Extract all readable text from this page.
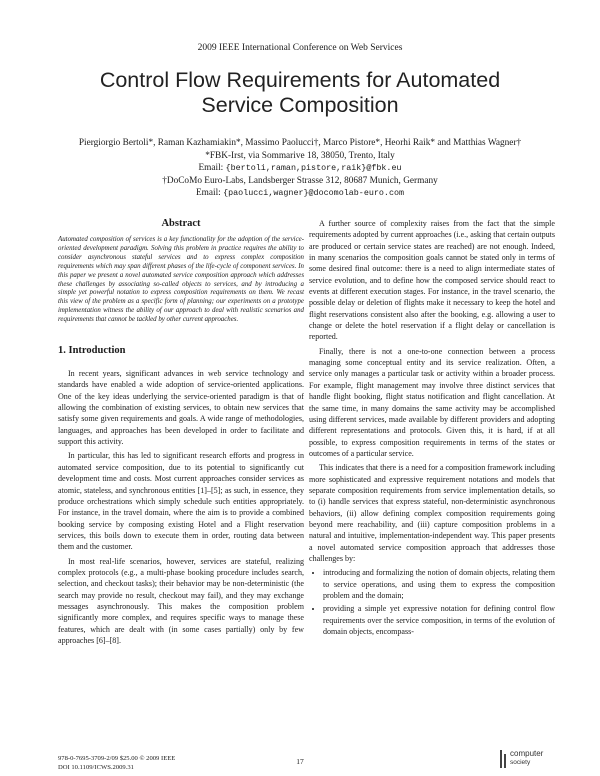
2009 IEEE International Conference on Web Services
Control Flow Requirements for Automated
Service Composition
Piergiorgio Bertoli*, Raman Kazhamiakin*, Massimo Paolucci†, Marco Pistore*, Heorhi Raik* and Matthias Wagner†
*FBK-Irst, via Sommarive 18, 38050, Trento, Italy
Email: {bertoli,raman,pistore,raik}@fbk.eu
†DoCoMo Euro-Labs, Landsberger Strasse 312, 80687 Munich, Germany
Email: {paolucci,wagner}@docomolab-euro.com
Abstract

Automated composition of services is a key functionality for the adoption of the service-oriented development paradigm. Solving this problem in practice requires the ability to consider asynchronous stateful services and to express complex composition requirements which may span different phases of the life-cycle of component services. In this paper we present a novel automated service composition approach which addresses these challenges by associating so-called objects to services, and by introducing a simple yet powerful notation to express composition requirements on them. We recast this view of the problem as a specific form of planning; our experiments on a prototype implementation witness the ability of our approach to deal with realistic scenarios and requirements that cannot be tackled by other current approaches.

1. Introduction

In recent years, significant advances in web service technology and standards have enabled a wide adoption of service-oriented applications. One of the key ideas underlying the service-oriented paradigm is that of allowing the combination of existing services, to obtain new services that satisfy some given requirements and goals. A wide range of methodologies, languages, and approaches has been developed in order to facilitate and support this activity.

In particular, this has led to significant research efforts and progress in automated service composition, due to its potential to significantly cut development time and costs. Most current approaches consider services as atomic, stateless, and synchronous entities [1]–[5]; as such, in essence, they produce orchestrations which simply schedule such entities appropriately. For instance, in the travel domain, where the aim is to provide a combined booking service by composing existing Hotel and a Flight reservation services, this boils down to execute them in order, routing data between them and the customer.

In most real-life scenarios, however, services are stateful, realizing complex protocols (e.g., a multi-phase booking procedure includes search, selection, and checkout tasks); their behavior may be non-deterministic (the search may provide no result, checkout may fail), and they may exchange messages asynchronously. This makes the composition problem significantly more complex, and requires specific ways to manage these features, which are dealt with (in some cases partially) only by few approaches [6]–[8].

A further source of complexity raises from the fact that the simple requirements adopted by current approaches (i.e., asking that certain outputs are produced or certain service states are reached) are not enough. Indeed, in many scenarios the composition goals cannot be stated only in terms of some desired final outcome: there is a need to align intermediate states of service evolution, and to define how the composed service should react to events at different execution stages. For instance, in the travel scenario, the possible delay or deletion of flights make it necessary to keep the hotel and flight reservations consistent also after the booking, e.g. allowing a user to change or delete the hotel reservation if a flight delay or cancellation is reported.

Finally, there is not a one-to-one connection between a process managing some conceptual entity and its service realization. Often, a service only manages a particular task or activity within a broader process. For example, flight management may involve three distinct services that handle flight booking, flight status notification and flight cancellation. At the same time, in many domains the same activity may be accomplished using different services, made available by different providers and adopting different representations and protocols. Given this, it is hard, if at all possible, to express composition requirements in terms of the states or outcomes of a particular service.

This indicates that there is a need for a composition framework including more sophisticated and expressive requirement notations and models that separate composition requirements from service implementation details, so to (i) handle services that express stateful, non-deterministic asynchronous behaviors, (ii) allow defining complex composition requirements going beyond mere reachability, and (iii) capture composition problems in a natural and intuitive, implementation-independent way. This paper presents a novel automated service composition approach that addresses those challenges by:

• introducing and formalizing the notion of domain objects, relating them to service operations, and using them to express the composition problem and the domain;
• providing a simple yet expressive notation for defining control flow requirements over the service composition, in terms of the evolution of domain objects, encompass-
978-0-7695-3709-2/09 $25.00 © 2009 IEEE
DOI 10.1109/ICWS.2009.31
17
computer
society
